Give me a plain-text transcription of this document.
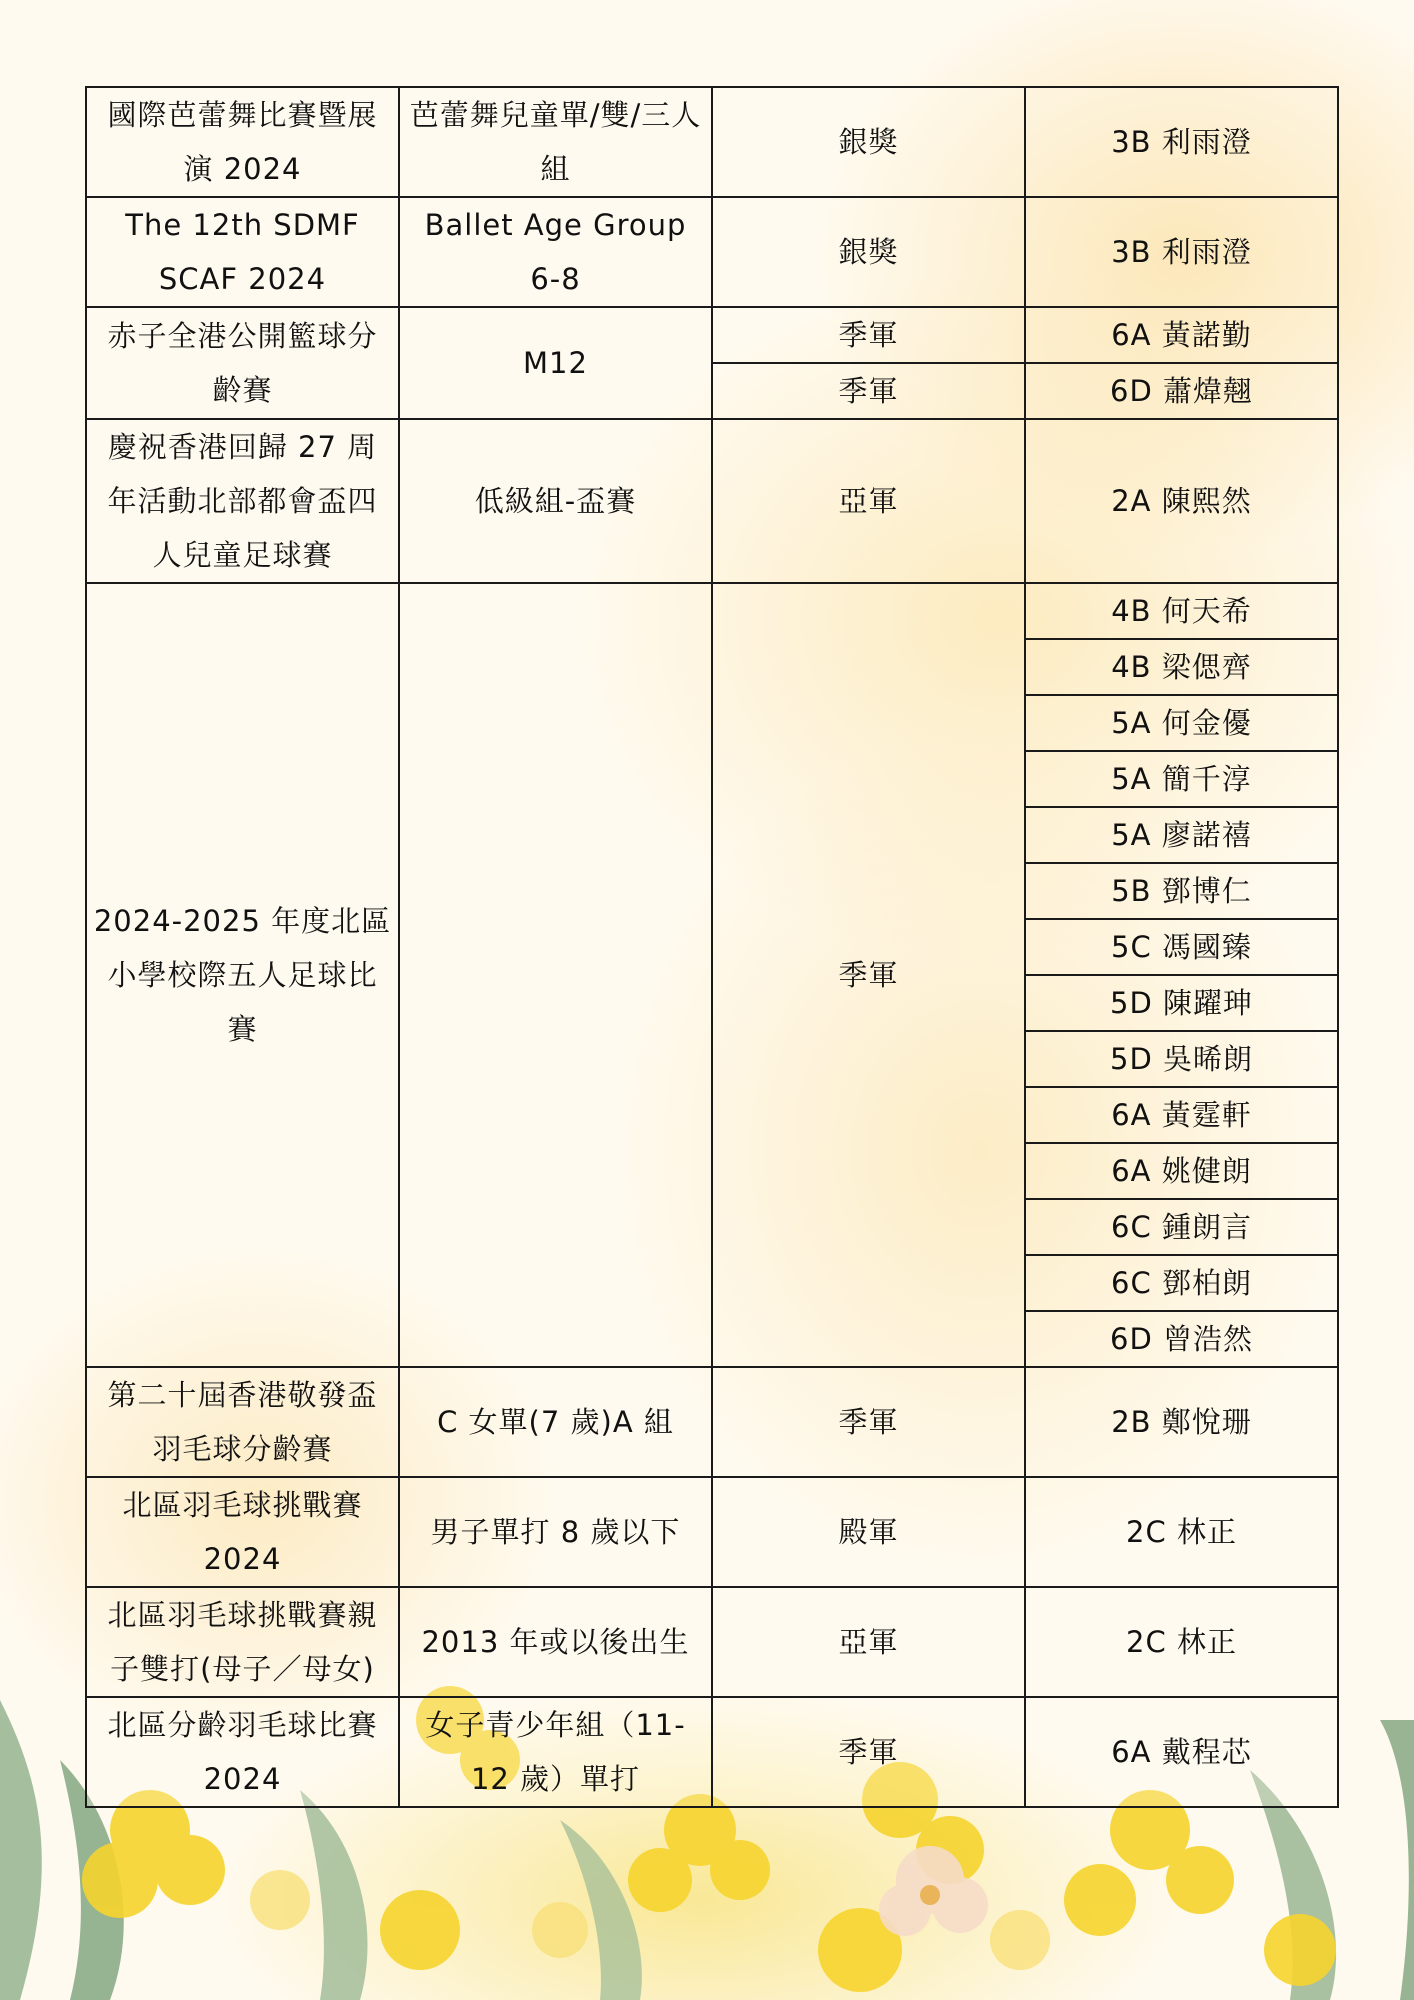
國際芭蕾舞比賽暨展演 2024	芭蕾舞兒童單/雙/三人組	銀獎	3B 利雨澄
The 12th SDMF SCAF 2024	Ballet Age Group 6-8	銀獎	3B 利雨澄
赤子全港公開籃球分齡賽	M12	季軍	6A 黃諾勤
		季軍	6D 蕭煒翹
慶祝香港回歸 27 周年活動北部都會盃四人兒童足球賽	低級組-盃賽	亞軍	2A 陳熙然
2024-2025 年度北區小學校際五人足球比賽		季軍	4B 何天希
			4B 梁偲齊
			5A 何金優
			5A 簡千淳
			5A 廖諾禧
			5B 鄧博仁
			5C 馮國臻
			5D 陳躍珅
			5D 吳晞朗
			6A 黃霆軒
			6A 姚健朗
			6C 鍾朗言
			6C 鄧柏朗
			6D 曾浩然
第二十屆香港敬發盃羽毛球分齡賽	C 女單(7 歲)A 組	季軍	2B 鄭悅珊
北區羽毛球挑戰賽 2024	男子單打 8 歲以下	殿軍	2C 林正
北區羽毛球挑戰賽親子雙打(母子／母女)	2013 年或以後出生	亞軍	2C 林正
北區分齡羽毛球比賽 2024	女子青少年組（11-12 歲）單打	季軍	6A 戴程芯
